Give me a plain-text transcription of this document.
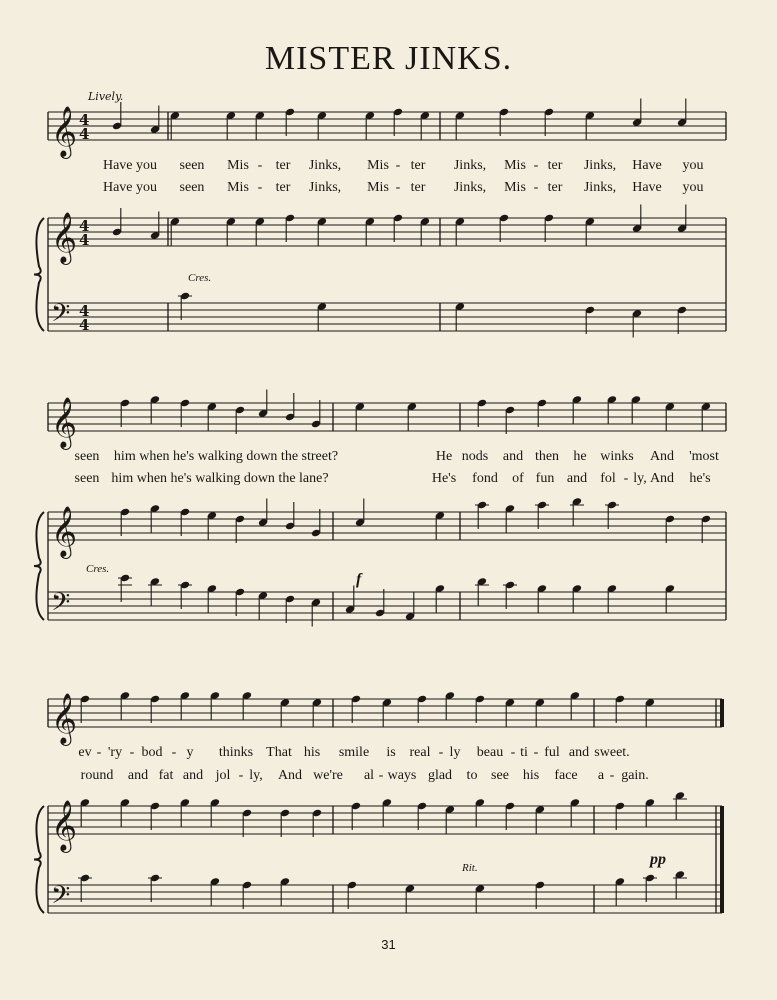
MISTER JINKS.
Lively.
𝄞
𝄞
𝄢
4
4
4
4
4
4
𝄞
𝄞
𝄢
𝄞
𝄞
𝄢
Have you seen Mis - ter Jinks, Mis - ter Jinks, Mis - ter Jinks, Have you
Have you seen Mis - ter Jinks, Mis - ter Jinks, Mis - ter Jinks, Have you
Cres.
seen him when he's walking down the street?	He nods and then he winks And 'most
seen him when he's walking down the lane?	He's fond of fun and fol - ly, And he's
Cres.
f
ev - 'ry - bod - y thinks That his smile is real - ly beau - ti - ful and sweet.
round and fat and jol - ly, And we're al - ways glad to see his face a - gain.
Rit.	pp
31
